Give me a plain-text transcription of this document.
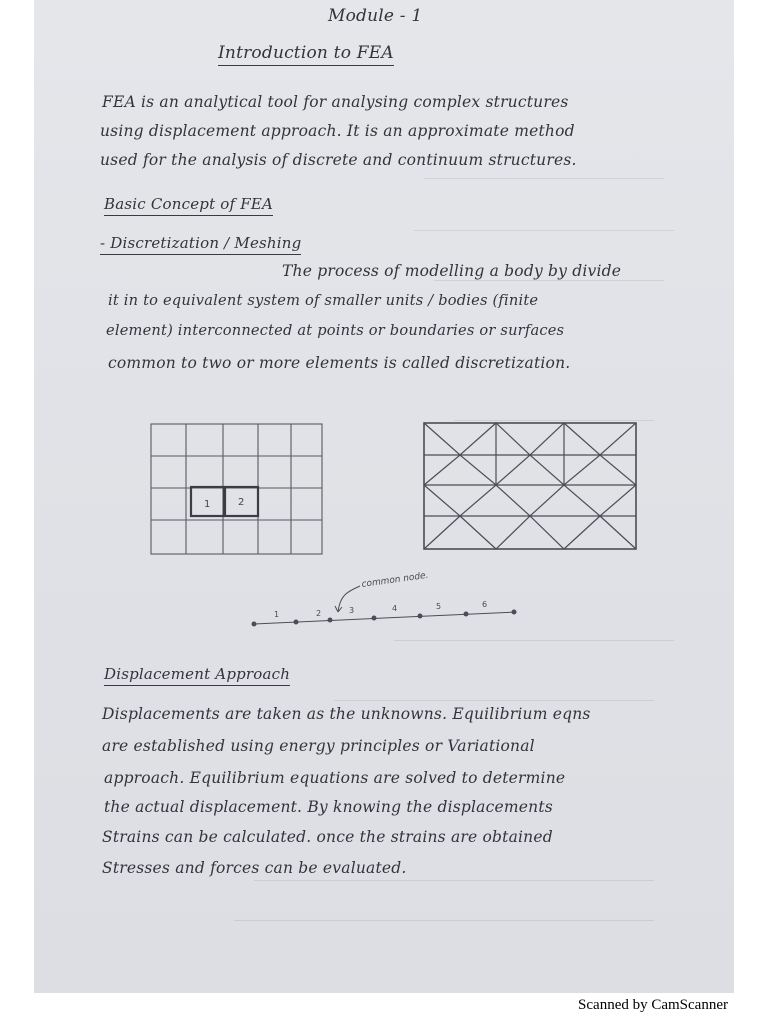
Module - 1
Introduction to FEA
FEA is an analytical tool for analysing complex structures
using displacement approach. It is an approximate method
used for the analysis of discrete and continuum structures.
Basic Concept of FEA
- Discretization / Meshing
The process of modelling a body by divide
it in to equivalent system of smaller units / bodies (finite
element) interconnected at points or boundaries or surfaces
common to two or more elements is called discretization.
1	2
common node.
1	2	3	4	5	6
Displacement Approach
Displacements are taken as the unknowns. Equilibrium eqns
are established using energy principles or Variational
approach. Equilibrium equations are solved to determine
the actual displacement. By knowing the displacements
Strains can be calculated. once the strains are obtained
Stresses and forces can be evaluated.
Scanned by CamScanner
